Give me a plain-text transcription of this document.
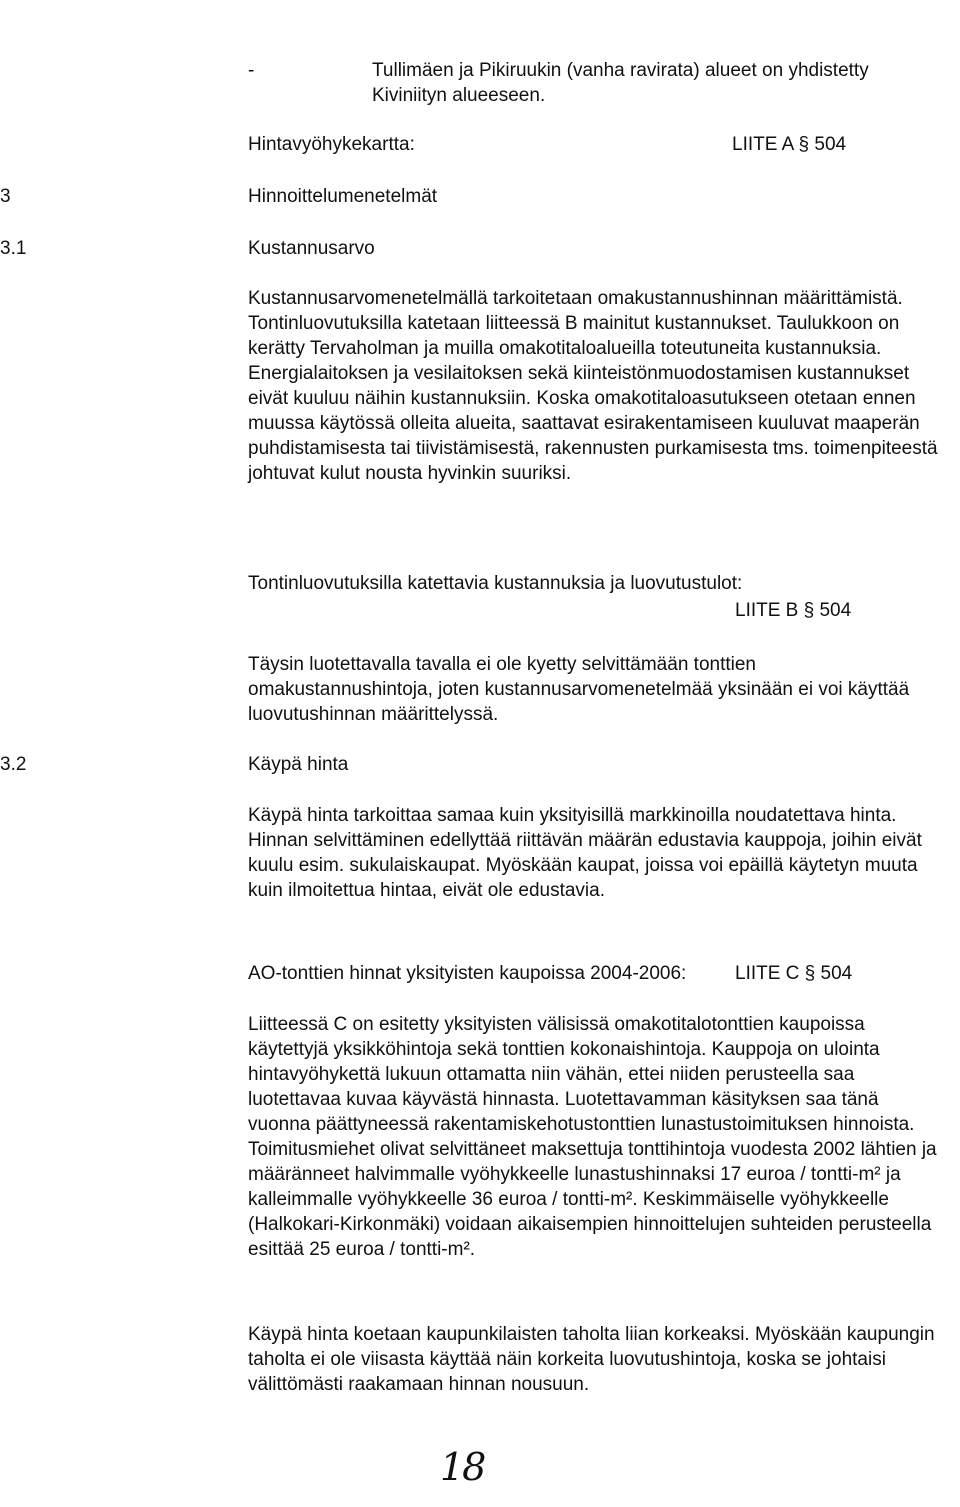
-	Tullimäen ja Pikiruukin (vanha ravirata) alueet on yhdistetty Kiviniityn alueeseen.

Hintavyöhykekartta:	LIITE A § 504
3	Hinnoittelumenetelmät
3.1	Kustannusarvo

Kustannusarvomenetelmällä tarkoitetaan omakustannushinnan määrittämistä. Tontinluovutuksilla katetaan liitteessä B mainitut kustannukset. Taulukkoon on kerätty Tervaholman ja muilla omakotitaloalueilla toteutuneita kustannuksia. Energialaitoksen ja vesilaitoksen sekä kiinteistönmuodostamisen kustannukset eivät kuuluu näihin kustannuksiin. Koska omakotitaloasutukseen otetaan ennen muussa käytössä olleita alueita, saattavat esirakentamiseen kuuluvat maaperän puhdistamisesta tai tiivistämisestä, rakennusten purkamisesta tms. toimenpiteestä johtuvat kulut nousta hyvinkin suuriksi.

Tontinluovutuksilla katettavia kustannuksia ja luovutustulot:
LIITE B § 504

Täysin luotettavalla tavalla ei ole kyetty selvittämään tonttien omakustannushintoja, joten kustannusarvomenetelmää yksinään ei voi käyttää luovutushinnan määrittelyssä.

3.2	Käypä hinta

Käypä hinta tarkoittaa samaa kuin yksityisillä markkinoilla noudatettava hinta. Hinnan selvittäminen edellyttää riittävän määrän edustavia kauppoja, joihin eivät kuulu esim. sukulaiskaupat. Myöskään kaupat, joissa voi epäillä käytetyn muuta kuin ilmoitettua hintaa, eivät ole edustavia.

AO-tonttien hinnat yksityisten kaupoissa 2004-2006:	LIITE C § 504

Liitteessä C on esitetty yksityisten välisissä omakotitalotonttien kaupoissa käytettyjä yksikköhintoja sekä tonttien kokonaishintoja. Kauppoja on ulointa hintavyöhykettä lukuun ottamatta niin vähän, ettei niiden perusteella saa luotettavaa kuvaa käyvästä hinnasta. Luotettavamman käsityksen saa tänä vuonna päättyneessä rakentamiskehotustonttien lunastustoimituksen hinnoista. Toimitusmiehet olivat selvittäneet maksettuja tonttihintoja vuodesta 2002 lähtien ja määränneet halvimmalle vyöhykkeelle lunastushinnaksi 17 euroa / tontti-m² ja kalleimmalle vyöhykkeelle 36 euroa / tontti-m². Keskimmäiselle vyöhykkeelle (Halkokari-Kirkonmäki) voidaan aikaisempien hinnoittelujen suhteiden perusteella esittää 25 euroa / tontti-m².

Käypä hinta koetaan kaupunkilaisten taholta liian korkeaksi. Myöskään kaupungin taholta ei ole viisasta käyttää näin korkeita luovutushintoja, koska se johtaisi välittömästi raakamaan hinnan nousuun.

18
